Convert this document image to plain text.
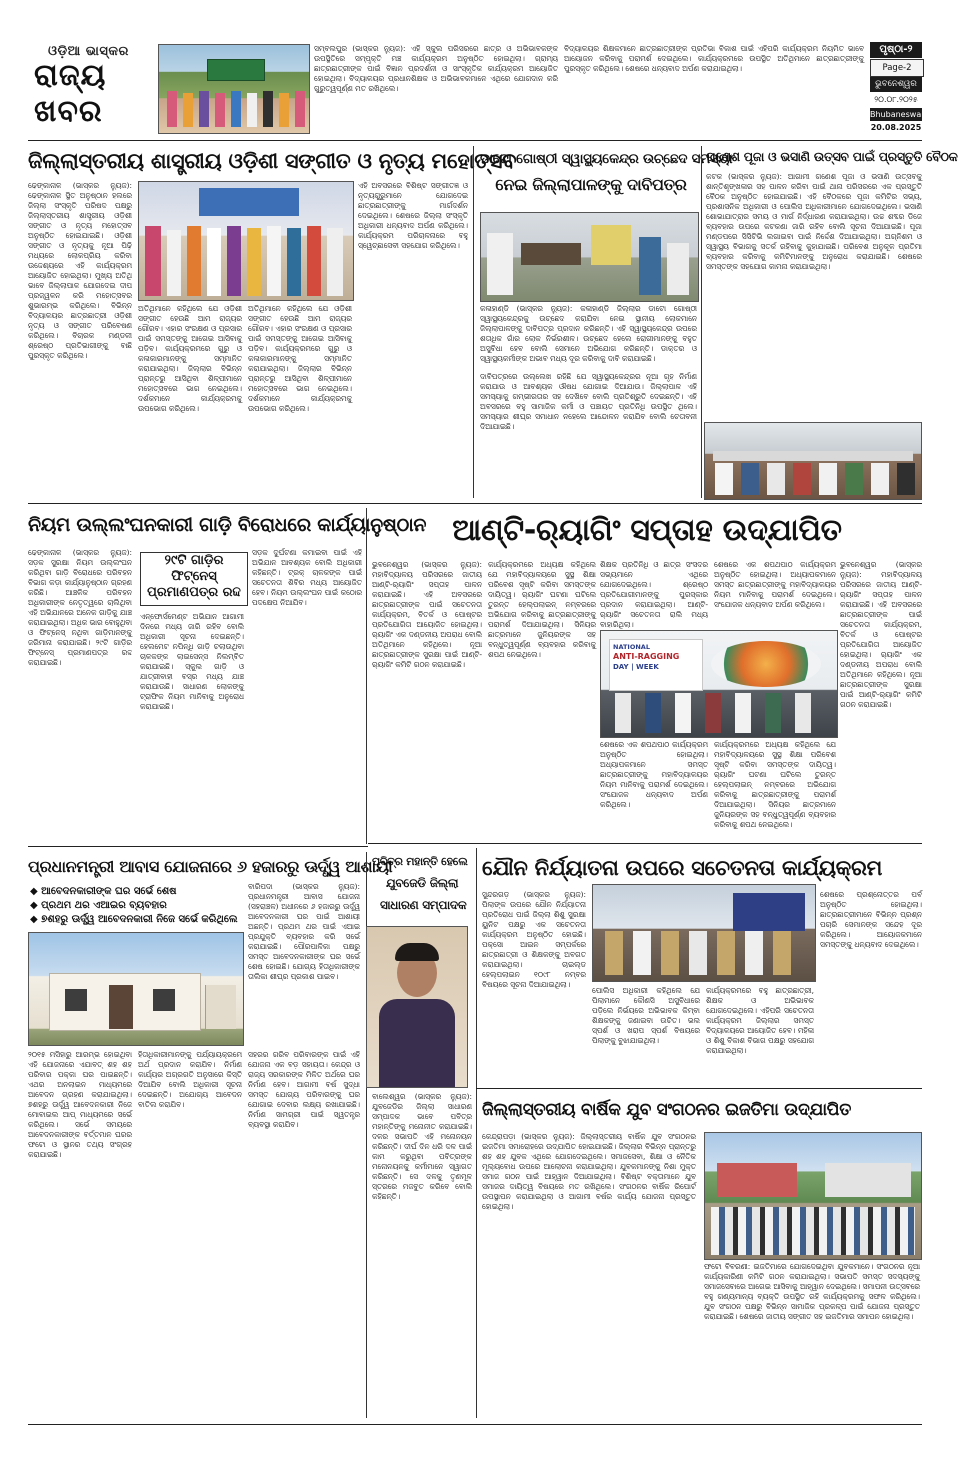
ଓଡ଼ିଆ ଭାସ୍କର
ରାଜ୍ୟ
ଖବର
ସମ୍ବଲପୁର (ଭାସ୍କର ନ୍ୟୁଜ): ଏହି ସ୍କୁଲ ପରିସରରେ ଛାତ୍ର ଓ ଅଭିଭାବକଙ୍କ ଉପସ୍ଥିତିରେ ସମ୍ପୃକ୍ତି ମଞ୍ଚ କାର୍ଯ୍ୟକ୍ରମ ଅନୁଷ୍ଠିତ ହୋଇଥିଲା। ଗ୍ରାମ୍ୟ ଛାତ୍ରଛାତ୍ରୀଙ୍କ ପାଇଁ ବିଜ୍ଞାନ ପ୍ରଦର୍ଶନୀ ଓ ସାଂସ୍କୃତିକ କାର୍ଯ୍ୟକ୍ରମ ଆୟୋଜିତ ହୋଇଥିଲା। ବିଦ୍ୟାଳୟର ପ୍ରଧାନଶିକ୍ଷକ ଓ ଅଭିଭାବକମାନେ ଏଥିରେ ଯୋଗଦାନ କରି ଗୁରୁତ୍ୱପୂର୍ଣ୍ଣ ମତ ରଖିଥିଲେ।
ବିଦ୍ୟାଳୟର ଶିକ୍ଷକମାନେ ଛାତ୍ରଛାତ୍ରୀଙ୍କ ପ୍ରତିଭା ବିକାଶ ପାଇଁ ଏହିପରି କାର୍ଯ୍ୟକ୍ରମ ନିୟମିତ ଭାବେ ଆୟୋଜନ କରିବାକୁ ପରାମର୍ଶ ଦେଇଥିଲେ। କାର୍ଯ୍ୟକ୍ରମରେ ଉପସ୍ଥିତ ଅତିଥିମାନେ ଛାତ୍ରଛାତ୍ରୀଙ୍କୁ ପୁରସ୍କୃତ କରିଥିଲେ। ଶେଷରେ ଧନ୍ୟବାଦ ଅର୍ପଣ କରାଯାଇଥିଲା।
ପୃଷ୍ଠା-୨
Page-2
ଭୁବନେଶ୍ୱର
୨୦.୦୮.୨୦୨୫
Bhubaneswar
20.08.2025
ଜିଲ୍ଲାସ୍ତରୀୟ ଶାସ୍ତ୍ରୀୟ ଓଡ଼ିଶୀ ସଙ୍ଗୀତ ଓ ନୃତ୍ୟ ମହୋତ୍ସବ
ଢେଙ୍କାନାଳ (ଭାସ୍କର ନ୍ୟୁଜ): ଢେଙ୍କାନାଳ ସ୍ଥିତ ଅନୁଷ୍ଠାନ ହଲରେ ଜିଲ୍ଲା ସଂସ୍କୃତି ପରିଷଦ ପକ୍ଷରୁ ଜିଲ୍ଲାସ୍ତରୀୟ ଶାସ୍ତ୍ରୀୟ ଓଡ଼ିଶୀ ସଙ୍ଗୀତ ଓ ନୃତ୍ୟ ମହୋତ୍ସବ ଅନୁଷ୍ଠିତ ହୋଇଯାଇଛି। ଓଡ଼ିଶୀ ସଙ୍ଗୀତ ଓ ନୃତ୍ୟକୁ ନୂଆ ପିଢ଼ି ମଧ୍ୟରେ ଲୋକପ୍ରିୟ କରିବା ଉଦ୍ଦେଶ୍ୟରେ ଏହି କାର୍ଯ୍ୟକ୍ରମ ଆୟୋଜିତ ହୋଇଥିଲା। ମୁଖ୍ୟ ଅତିଥି ଭାବେ ଜିଲ୍ଲାପାଳ ଯୋଗଦେଇ ଦୀପ ପ୍ରଜ୍ୱଳନ କରି ମହୋତ୍ସବର ଶୁଭାରମ୍ଭ କରିଥିଲେ। ବିଭିନ୍ନ ବିଦ୍ୟାଳୟର ଛାତ୍ରଛାତ୍ରୀ ଓଡ଼ିଶୀ ନୃତ୍ୟ ଓ ସଙ୍ଗୀତ ପରିବେଷଣ କରିଥିଲେ। ବିଚାରକ ମଣ୍ଡଳୀ ଶ୍ରେଷ୍ଠ ପ୍ରତିଭାଗୀଙ୍କୁ ବାଛି ପୁରସ୍କୃତ କରିଥିଲେ।
ଅତିଥିମାନେ କହିଥିଲେ ଯେ ଓଡ଼ିଶୀ ସଙ୍ଗୀତ ହେଉଛି ଆମ ରାଜ୍ୟର ଗୌରବ। ଏହାର ସଂରକ୍ଷଣ ଓ ପ୍ରସାର ପାଇଁ ସମସ୍ତଙ୍କୁ ଆଗେଇ ଆସିବାକୁ ପଡ଼ିବ। କାର୍ଯ୍ୟକ୍ରମରେ ଗୁରୁ ଓ କଳାକାରମାନଙ୍କୁ ସମ୍ମାନିତ କରାଯାଇଥିଲା। ଜିଲ୍ଲାର ବିଭିନ୍ନ ପ୍ରାନ୍ତରୁ ଆସିଥିବା ଶିଳ୍ପୀମାନେ ମହୋତ୍ସବରେ ଭାଗ ନେଇଥିଲେ। ଦର୍ଶକମାନେ କାର୍ଯ୍ୟକ୍ରମକୁ ଉପଭୋଗ କରିଥିଲେ।
ଅତିଥିମାନେ କହିଥିଲେ ଯେ ଓଡ଼ିଶୀ ସଙ୍ଗୀତ ହେଉଛି ଆମ ରାଜ୍ୟର ଗୌରବ। ଏହାର ସଂରକ୍ଷଣ ଓ ପ୍ରସାର ପାଇଁ ସମସ୍ତଙ୍କୁ ଆଗେଇ ଆସିବାକୁ ପଡ଼ିବ। କାର୍ଯ୍ୟକ୍ରମରେ ଗୁରୁ ଓ କଳାକାରମାନଙ୍କୁ ସମ୍ମାନିତ କରାଯାଇଥିଲା। ଜିଲ୍ଲାର ବିଭିନ୍ନ ପ୍ରାନ୍ତରୁ ଆସିଥିବା ଶିଳ୍ପୀମାନେ ମହୋତ୍ସବରେ ଭାଗ ନେଇଥିଲେ। ଦର୍ଶକମାନେ କାର୍ଯ୍ୟକ୍ରମକୁ ଉପଭୋଗ କରିଥିଲେ।
ଏହି ଅବସରରେ ବିଶିଷ୍ଟ ସଙ୍ଗୀତଜ୍ଞ ଓ ନୃତ୍ୟଗୁରୁମାନେ ଯୋଗଦେଇ ଛାତ୍ରଛାତ୍ରୀଙ୍କୁ ମାର୍ଗଦର୍ଶନ ଦେଇଥିଲେ। ଶେଷରେ ଜିଲ୍ଲା ସଂସ୍କୃତି ଅଧିକାରୀ ଧନ୍ୟବାଦ ଅର୍ପଣ କରିଥିଲେ। କାର୍ଯ୍ୟକ୍ରମ ପରିଚାଳନାରେ ବହୁ ସ୍ୱେଚ୍ଛାସେବୀ ସହଯୋଗ କରିଥିଲେ।
ଡାଟୋ ଗୋଷ୍ଠୀ ସ୍ୱାସ୍ଥ୍ୟକେନ୍ଦ୍ର ଉଚ୍ଛେଦ ସମସ୍ୟା
ନେଇ ଜିଲ୍ଲାପାଳଙ୍କୁ ଦାବିପତ୍ର
କଳାହାଣ୍ଡି (ଭାସ୍କର ନ୍ୟୁଜ): କଳାହାଣ୍ଡି ଜିଲ୍ଲାର ଡାଟୋ ଗୋଷ୍ଠୀ ସ୍ୱାସ୍ଥ୍ୟକେନ୍ଦ୍ରକୁ ଉଚ୍ଛେଦ କରାଯିବା ନେଇ ସ୍ଥାନୀୟ ଲୋକମାନେ ଜିଲ୍ଲାପାଳଙ୍କୁ ଦାବିପତ୍ର ପ୍ରଦାନ କରିଛନ୍ତି। ଏହି ସ୍ୱାସ୍ଥ୍ୟକେନ୍ଦ୍ର ଉପରେ ଶତାଧିକ ଗାଁର ଲୋକ ନିର୍ଭରଶୀଳ। ଉଚ୍ଛେଦ ହେଲେ ରୋଗୀମାନଙ୍କୁ ବହୁତ ଅସୁବିଧା ହେବ ବୋଲି ସେମାନେ ଅଭିଯୋଗ କରିଛନ୍ତି। ଡାକ୍ତର ଓ ସ୍ୱାସ୍ଥ୍ୟକର୍ମୀଙ୍କ ଅଭାବ ମଧ୍ୟ ଦୂର କରିବାକୁ ଦାବି କରାଯାଇଛି।
ଦାବିପତ୍ରରେ ଉଲ୍ଲେଖ ରହିଛି ଯେ ସ୍ୱାସ୍ଥ୍ୟକେନ୍ଦ୍ରର ନୂଆ ଗୃହ ନିର୍ମାଣ କରାଯାଉ ଓ ଆବଶ୍ୟକ ଔଷଧ ଯୋଗାଇ ଦିଆଯାଉ। ଜିଲ୍ଲାପାଳ ଏହି ସମସ୍ୟାକୁ ଗମ୍ଭୀରତାର ସହ ଦେଖିବେ ବୋଲି ପ୍ରତିଶ୍ରୁତି ଦେଇଛନ୍ତି। ଏହି ଅବସରରେ ବହୁ ସାମାଜିକ କର୍ମୀ ଓ ପଞ୍ଚାୟତ ପ୍ରତିନିଧି ଉପସ୍ଥିତ ଥିଲେ। ସମସ୍ୟାର ଶୀଘ୍ର ସମାଧାନ ନହେଲେ ଆନ୍ଦୋଳନ କରାଯିବ ବୋଲି ଚେତାବନୀ ଦିଆଯାଇଛି।
ଗଣେଶ ପୂଜା ଓ ଭସାଣି ଉତ୍ସବ ପାଇଁ ପ୍ରସ୍ତୁତି ବୈଠକ
କଟକ (ଭାସ୍କର ନ୍ୟୁଜ): ଆଗାମୀ ଗଣେଶ ପୂଜା ଓ ଭସାଣି ଉତ୍ସବକୁ ଶାନ୍ତିଶୃଙ୍ଖଳାର ସହ ପାଳନ କରିବା ପାଇଁ ଥାନା ପରିସରରେ ଏକ ପ୍ରସ୍ତୁତି ବୈଠକ ଅନୁଷ୍ଠିତ ହୋଇଯାଇଛି। ଏହି ବୈଠକରେ ପୂଜା କମିଟିର ସଭ୍ୟ, ପ୍ରଶାସନିକ ଅଧିକାରୀ ଓ ପୋଲିସ ଅଧିକାରୀମାନେ ଯୋଗଦେଇଥିଲେ। ଭସାଣି ଶୋଭାଯାତ୍ରାର ସମୟ ଓ ମାର୍ଗ ନିର୍ଦ୍ଧାରଣ କରାଯାଇଥିଲା। ଉଚ୍ଚ ଶବ୍ଦର ଡିଜେ ବ୍ୟବହାର ଉପରେ କଟକଣା ଜାରି ରହିବ ବୋଲି ସୂଚନା ଦିଆଯାଇଛି। ପୂଜା ମଣ୍ଡପରେ ସିସିଟିଭି ଲଗାଇବା ପାଇଁ ନିର୍ଦ୍ଦେଶ ଦିଆଯାଇଥିଲା। ଅଗ୍ନିଶମ ଓ ସ୍ୱାସ୍ଥ୍ୟ ବିଭାଗକୁ ସତର୍କ ରହିବାକୁ କୁହାଯାଇଛି। ପରିବେଶ ଅନୁକୂଳ ପ୍ରତିମା ବ୍ୟବହାର କରିବାକୁ କମିଟିମାନଙ୍କୁ ଅନୁରୋଧ କରାଯାଇଛି। ଶେଷରେ ସମସ୍ତଙ୍କ ସହଯୋଗ କାମନା କରାଯାଇଥିଲା।
ନିୟମ ଉଲ୍ଲଂଘନକାରୀ ଗାଡ଼ି ବିରୋଧରେ କାର୍ଯ୍ୟାନୁଷ୍ଠାନ
ଢେଙ୍କାନାଳ (ଭାସ୍କର ନ୍ୟୁଜ): ସଡ଼କ ସୁରକ୍ଷା ନିୟମ ଉଲ୍ଲଂଘନ କରିଥିବା ଗାଡ଼ି ବିରୋଧରେ ପରିବହନ ବିଭାଗ କଡ଼ା କାର୍ଯ୍ୟାନୁଷ୍ଠାନ ଗ୍ରହଣ କରିଛି। ଆଞ୍ଚଳିକ ପରିବହନ ଅଧିକାରୀଙ୍କ ନେତୃତ୍ୱରେ ଚାଲିଥିବା ଏହି ଅଭିଯାନରେ ଅନେକ ଗାଡ଼ିକୁ ଯାଞ୍ଚ କରାଯାଇଥିଲା। ଅଧିକ ଭାର ବୋହୁଥିବା ଓ ଫିଟ୍‌ନେସ୍ ନଥିବା ଗାଡ଼ିମାନଙ୍କୁ ଜରିମାନା କରାଯାଇଛି। ୨୯ଟି ଗାଡ଼ିର ଫିଟ୍‌ନେସ୍ ପ୍ରମାଣପତ୍ର ରଦ୍ଦ କରାଯାଇଛି।
୨୯ଟି ଗାଡ଼ିର
ଫିଟ୍‌ନେସ୍
ପ୍ରମାଣପତ୍ର ରଦ୍ଦ
ଏନ୍‌ଫୋର୍ସମେଣ୍ଟ ଅଭିଯାନ ଆଗାମୀ ଦିନରେ ମଧ୍ୟ ଜାରି ରହିବ ବୋଲି ଅଧିକାରୀ ସୂଚନା ଦେଇଛନ୍ତି। ହେଲମେଟ ନପିନ୍ଧି ଗାଡ଼ି ଚଲାଉଥିବା ଚାଳକଙ୍କ ଲାଇସେନ୍ସ ନିଲମ୍ବିତ କରାଯାଇଛି। ସ୍କୁଲ ଗାଡ଼ି ଓ ଯାତ୍ରୀବାହୀ ବସ୍‌ର ମଧ୍ୟ ଯାଞ୍ଚ କରାଯାଉଛି। ସାଧାରଣ ଲୋକଙ୍କୁ ଟ୍ରାଫିକ ନିୟମ ମାନିବାକୁ ଅନୁରୋଧ କରାଯାଇଛି।
ସଡ଼କ ଦୁର୍ଘଟଣା କମାଇବା ପାଇଁ ଏହି ଅଭିଯାନ ଆବଶ୍ୟକ ବୋଲି ଅଧିକାରୀ କହିଛନ୍ତି। ଟ୍ରକ୍ ଚାଳକଙ୍କ ପାଇଁ ସଚେତନତା ଶିବିର ମଧ୍ୟ ଆୟୋଜିତ ହେବ। ନିୟମ ଉଲ୍ଲଂଘନ ପାଇଁ କଠୋର ପଦକ୍ଷେପ ନିଆଯିବ।
ଆଣ୍ଟି-ର‍୍ୟାଗିଂ ସପ୍ତାହ ଉଦ୍‌ଯାପିତ
ଭୁବନେଶ୍ୱର (ଭାସ୍କର ନ୍ୟୁଜ): ମହାବିଦ୍ୟାଳୟ ପରିସରରେ ଜାତୀୟ ଆଣ୍ଟି-ର‍୍ୟାଗିଂ ସପ୍ତାହ ପାଳନ କରାଯାଇଛି। ଏହି ଅବସରରେ ଛାତ୍ରଛାତ୍ରୀଙ୍କ ପାଇଁ ସଚେତନତା କାର୍ଯ୍ୟକ୍ରମ, ବିତର୍କ ଓ ପୋଷ୍ଟର ପ୍ରତିଯୋଗିତା ଆୟୋଜିତ ହୋଇଥିଲା। ର‍୍ୟାଗିଂ ଏକ ଦଣ୍ଡନୀୟ ଅପରାଧ ବୋଲି ଅତିଥିମାନେ କହିଥିଲେ। ନୂଆ ଛାତ୍ରଛାତ୍ରୀଙ୍କ ସୁରକ୍ଷା ପାଇଁ ଆଣ୍ଟି-ର‍୍ୟାଗିଂ କମିଟି ଗଠନ କରାଯାଇଛି।
କାର୍ଯ୍ୟକ୍ରମରେ ଅଧ୍ୟକ୍ଷ କହିଥିଲେ ଯେ ମହାବିଦ୍ୟାଳୟରେ ସୁସ୍ଥ ଶିକ୍ଷା ପରିବେଶ ସୃଷ୍ଟି କରିବା ସମସ୍ତଙ୍କ ଦାୟିତ୍ୱ। ର‍୍ୟାଗିଂ ଘଟଣା ଘଟିଲେ ତୁରନ୍ତ ହେଲ୍ପଲାଇନ୍ ନମ୍ବରରେ ଅଭିଯୋଗ କରିବାକୁ ଛାତ୍ରଛାତ୍ରୀଙ୍କୁ ପରାମର୍ଶ ଦିଆଯାଇଥିଲା। ସିନିୟର ଛାତ୍ରମାନେ ଜୁନିୟରଙ୍କ ସହ ବନ୍ଧୁତ୍ୱପୂର୍ଣ୍ଣ ବ୍ୟବହାର କରିବାକୁ ଶପଥ ନେଇଥିଲେ।
NATIONAL
ANTI-RAGGING
DAY | WEEK
ଶିକ୍ଷକ ପ୍ରତିନିଧି ଓ ଛାତ୍ର ସଂସଦର ସଭ୍ୟମାନେ ଏଥିରେ ଯୋଗଦେଇଥିଲେ। ଶ୍ରେଷ୍ଠ ପ୍ରତିଯୋଗୀମାନଙ୍କୁ ପୁରସ୍କାର ପ୍ରଦାନ କରାଯାଇଥିଲା। ଆଣ୍ଟି-ର‍୍ୟାଗିଂ ସଚେତନତା ରାଲି ମଧ୍ୟ ବାହାରିଥିଲା।
ଶେଷରେ ଏକ ଶପଥପାଠ କାର୍ଯ୍ୟକ୍ରମ ଅନୁଷ୍ଠିତ ହୋଇଥିଲା। ଅଧ୍ୟାପକମାନେ ସମସ୍ତ ଛାତ୍ରଛାତ୍ରୀଙ୍କୁ ମହାବିଦ୍ୟାଳୟର ନିୟମ ମାନିବାକୁ ପରାମର୍ଶ ଦେଇଥିଲେ। ସଂଯୋଜକ ଧନ୍ୟବାଦ ଅର୍ପଣ କରିଥିଲେ।
କାର୍ଯ୍ୟକ୍ରମରେ ଅଧ୍ୟକ୍ଷ କହିଥିଲେ ଯେ ମହାବିଦ୍ୟାଳୟରେ ସୁସ୍ଥ ଶିକ୍ଷା ପରିବେଶ ସୃଷ୍ଟି କରିବା ସମସ୍ତଙ୍କ ଦାୟିତ୍ୱ। ର‍୍ୟାଗିଂ ଘଟଣା ଘଟିଲେ ତୁରନ୍ତ ହେଲ୍ପଲାଇନ୍ ନମ୍ବରରେ ଅଭିଯୋଗ କରିବାକୁ ଛାତ୍ରଛାତ୍ରୀଙ୍କୁ ପରାମର୍ଶ ଦିଆଯାଇଥିଲା। ସିନିୟର ଛାତ୍ରମାନେ ଜୁନିୟରଙ୍କ ସହ ବନ୍ଧୁତ୍ୱପୂର୍ଣ୍ଣ ବ୍ୟବହାର କରିବାକୁ ଶପଥ ନେଇଥିଲେ।
ଭୁବନେଶ୍ୱର (ଭାସ୍କର ନ୍ୟୁଜ): ମହାବିଦ୍ୟାଳୟ ପରିସରରେ ଜାତୀୟ ଆଣ୍ଟି-ର‍୍ୟାଗିଂ ସପ୍ତାହ ପାଳନ କରାଯାଇଛି। ଏହି ଅବସରରେ ଛାତ୍ରଛାତ୍ରୀଙ୍କ ପାଇଁ ସଚେତନତା କାର୍ଯ୍ୟକ୍ରମ, ବିତର୍କ ଓ ପୋଷ୍ଟର ପ୍ରତିଯୋଗିତା ଆୟୋଜିତ ହୋଇଥିଲା। ର‍୍ୟାଗିଂ ଏକ ଦଣ୍ଡନୀୟ ଅପରାଧ ବୋଲି ଅତିଥିମାନେ କହିଥିଲେ। ନୂଆ ଛାତ୍ରଛାତ୍ରୀଙ୍କ ସୁରକ୍ଷା ପାଇଁ ଆଣ୍ଟି-ର‍୍ୟାଗିଂ କମିଟି ଗଠନ କରାଯାଇଛି।
ଶେଷରେ ଏକ ଶପଥପାଠ କାର୍ଯ୍ୟକ୍ରମ ଅନୁଷ୍ଠିତ ହୋଇଥିଲା। ଅଧ୍ୟାପକମାନେ ସମସ୍ତ ଛାତ୍ରଛାତ୍ରୀଙ୍କୁ ମହାବିଦ୍ୟାଳୟର ନିୟମ ମାନିବାକୁ ପରାମର୍ଶ ଦେଇଥିଲେ। ସଂଯୋଜକ ଧନ୍ୟବାଦ ଅର୍ପଣ କରିଥିଲେ।
ପ୍ରଧାନମନ୍ତ୍ରୀ ଆବାସ ଯୋଜନାରେ ୬ ହଜାରରୁ ଊର୍ଦ୍ଧ୍ୱ ଆଶାୟୀ
◆ ଆବେଦନକାରୀଙ୍କ ଘର ସର୍ଭେ ଶେଷ
◆ ପ୍ରଥମ ଥର ଏଆଇର ବ୍ୟବହାର
◆ ୭ଶହରୁ ଊର୍ଦ୍ଧ୍ୱ ଆବେଦନକାରୀ ନିଜେ ସର୍ଭେ କରିଥିଲେ
ବାରିପଦା (ଭାସ୍କର ନ୍ୟୁଜ): ପ୍ରଧାନମନ୍ତ୍ରୀ ଆବାସ ଯୋଜନା (ସହରାଞ୍ଚଳ) ଅଧୀନରେ ୬ ହଜାରରୁ ଊର୍ଦ୍ଧ୍ୱ ଆବେଦନକାରୀ ଘର ପାଇଁ ଆଶାୟୀ ଅଛନ୍ତି। ପ୍ରଥମ ଥର ପାଇଁ ଏଆଇ ପ୍ରଯୁକ୍ତି ବ୍ୟବହାର କରି ସର୍ଭେ କରାଯାଇଛି। ପୌରପାଳିକା ପକ୍ଷରୁ ସମସ୍ତ ଆବେଦନକାରୀଙ୍କ ଘର ସର୍ଭେ ଶେଷ ହୋଇଛି। ଯୋଗ୍ୟ ହିତାଧିକାରୀଙ୍କ ତାଲିକା ଶୀଘ୍ର ପ୍ରକାଶ ପାଇବ।
୨୦୧୫ ମସିହାରୁ ଆରମ୍ଭ ହୋଇଥିବା ଏହି ଯୋଜନାରେ ଏଯାବତ୍ ଶହ ଶହ ପରିବାର ପକ୍କା ଘର ପାଇଛନ୍ତି। ଏଥର ଅନଲାଇନ ମାଧ୍ୟମରେ ଆବେଦନ ଗ୍ରହଣ କରାଯାଇଥିଲା। ୭ଶହରୁ ଊର୍ଦ୍ଧ୍ୱ ଆବେଦନକାରୀ ନିଜେ ମୋବାଇଲ ଆପ୍ ମାଧ୍ୟମରେ ସର୍ଭେ କରିଥିଲେ। ସର୍ଭେ ସମୟରେ ଆବେଦନକାରୀଙ୍କ ବର୍ତ୍ତମାନ ଘରର ଫଟୋ ଓ ସ୍ଥାନର ତଥ୍ୟ ସଂଗ୍ରହ କରାଯାଇଛି।
ହିତାଧିକାରୀମାନଙ୍କୁ ପର୍ଯ୍ୟାୟକ୍ରମେ ଅର୍ଥ ପ୍ରଦାନ କରାଯିବ। ନିର୍ମାଣ କାର୍ଯ୍ୟର ଅଗ୍ରଗତି ଅନୁସାରେ କିସ୍ତି ଦିଆଯିବ ବୋଲି ଅଧିକାରୀ ସୂଚନା ଦେଇଛନ୍ତି। ଅଯୋଗ୍ୟ ଆବେଦନ ବାତିଲ କରାଯିବ।
ସହରର ଗରିବ ପରିବାରଙ୍କ ପାଇଁ ଏହି ଯୋଜନା ଏକ ବଡ଼ ସହାୟତା। କେନ୍ଦ୍ର ଓ ରାଜ୍ୟ ସରକାରଙ୍କ ମିଳିତ ଅର୍ଥରେ ଘର ନିର୍ମାଣ ହେବ। ଆଗାମୀ ବର୍ଷ ସୁଦ୍ଧା ସମସ୍ତ ଯୋଗ୍ୟ ପରିବାରଙ୍କୁ ଘର ଯୋଗାଇ ଦେବାର ଲକ୍ଷ୍ୟ ରଖାଯାଇଛି। ନିର୍ମାଣ ସାମଗ୍ରୀ ପାଇଁ ସ୍ୱତନ୍ତ୍ର ବ୍ୟବସ୍ଥା କରାଯିବ।
ପବିତ୍ର ମହାନ୍ତି ହେଲେ
ଯୁବଜେଡି ଜିଲ୍ଲା
ସାଧାରଣ ସମ୍ପାଦକ
ବାଲେଶ୍ୱର (ଭାସ୍କର ନ୍ୟୁଜ): ଯୁବଜେଡିର ଜିଲ୍ଲା ସାଧାରଣ ସମ୍ପାଦକ ଭାବେ ପବିତ୍ର ମହାନ୍ତିଙ୍କୁ ମନୋନୀତ କରାଯାଇଛି। ଦଳର ସଭାପତି ଏହି ମନୋନୟନ କରିଛନ୍ତି। ଦୀର୍ଘ ଦିନ ଧରି ଦଳ ପାଇଁ କାମ କରୁଥିବା ପବିତ୍ରଙ୍କ ମନୋନୟନକୁ କର୍ମୀମାନେ ସ୍ୱାଗତ କରିଛନ୍ତି। ସେ ଦଳକୁ ତୃଣମୂଳ ସ୍ତରରେ ମଜବୁତ କରିବେ ବୋଲି କହିଛନ୍ତି।
ଯୌନ ନିର୍ଯ୍ୟାତନା ଉପରେ ସଚେତନତା କାର୍ଯ୍ୟକ୍ରମ
ସୁନ୍ଦରଗଡ଼ (ଭାସ୍କର ନ୍ୟୁଜ): ପିଲାଙ୍କ ଉପରେ ଯୌନ ନିର୍ଯ୍ୟାତନା ପ୍ରତିରୋଧ ପାଇଁ ଜିଲ୍ଲା ଶିଶୁ ସୁରକ୍ଷା ୟୁନିଟ ପକ୍ଷରୁ ଏକ ସଚେତନତା କାର୍ଯ୍ୟକ୍ରମ ଅନୁଷ୍ଠିତ ହୋଇଛି। ପକ୍ସୋ ଆଇନ ସମ୍ପର୍କରେ ଛାତ୍ରଛାତ୍ରୀ ଓ ଶିକ୍ଷକଙ୍କୁ ଅବଗତ କରାଯାଇଥିଲା। ଚାଇଲ୍ଡ ହେଲ୍ପଲାଇନ ୧୦୯୮ ନମ୍ବର ବିଷୟରେ ସୂଚନା ଦିଆଯାଇଥିଲା।
ପୋଲିସ ଅଧିକାରୀ କହିଥିଲେ ଯେ ପିଲାମାନେ କୌଣସି ଅସୁବିଧାରେ ପଡ଼ିଲେ ନିର୍ଭୟରେ ଅଭିଭାବକ କିମ୍ବା ଶିକ୍ଷକଙ୍କୁ ଜଣାଇବା ଉଚିତ। ଭଲ ସ୍ପର୍ଶ ଓ ଖରାପ ସ୍ପର୍ଶ ବିଷୟରେ ପିଲାଙ୍କୁ ବୁଝାଯାଇଥିଲା।
କାର୍ଯ୍ୟକ୍ରମରେ ବହୁ ଛାତ୍ରଛାତ୍ରୀ, ଶିକ୍ଷକ ଓ ଅଭିଭାବକ ଯୋଗଦେଇଥିଲେ। ଏହିପରି ସଚେତନତା କାର୍ଯ୍ୟକ୍ରମ ଜିଲ୍ଲାର ସମସ୍ତ ବିଦ୍ୟାଳୟରେ ଆୟୋଜିତ ହେବ। ମହିଳା ଓ ଶିଶୁ ବିକାଶ ବିଭାଗ ପକ୍ଷରୁ ସହଯୋଗ କରାଯାଇଥିଲା।
ଶେଷରେ ପ୍ରଶ୍ନୋତ୍ତର ପର୍ବ ଅନୁଷ୍ଠିତ ହୋଇଥିଲା। ଛାତ୍ରଛାତ୍ରୀମାନେ ବିଭିନ୍ନ ପ୍ରଶ୍ନ ପଚାରି ସେମାନଙ୍କ ସନ୍ଦେହ ଦୂର କରିଥିଲେ। ଆୟୋଜକମାନେ ସମସ୍ତଙ୍କୁ ଧନ୍ୟବାଦ ଦେଇଥିଲେ।
ଜିଲ୍ଲାସ୍ତରୀୟ ବାର୍ଷିକ ଯୁବ ସଂଗଠନର ଇଜତିମା ଉଦ୍‌ଯାପିତ
କେନ୍ଦ୍ରାପଡ଼ା (ଭାସ୍କର ନ୍ୟୁଜ): ଜିଲ୍ଲାସ୍ତରୀୟ ବାର୍ଷିକ ଯୁବ ସଂଗଠନର ଇଜତିମା ସମାରୋହରେ ଉଦ୍‌ଯାପିତ ହୋଇଯାଇଛି। ଜିଲ୍ଲାର ବିଭିନ୍ନ ପ୍ରାନ୍ତରୁ ଶହ ଶହ ଯୁବକ ଏଥିରେ ଯୋଗଦେଇଥିଲେ। ସମାଜସେବା, ଶିକ୍ଷା ଓ ନୈତିକ ମୂଲ୍ୟବୋଧ ଉପରେ ଆଲୋଚନା କରାଯାଇଥିଲା। ଯୁବକମାନଙ୍କୁ ନିଶା ମୁକ୍ତ ସମାଜ ଗଠନ ପାଇଁ ଆହ୍ୱାନ ଦିଆଯାଇଥିଲା। ବିଶିଷ୍ଟ ବକ୍ତାମାନେ ଯୁବ ସମାଜର ଦାୟିତ୍ୱ ବିଷୟରେ ମତ ରଖିଥିଲେ। ସଂଗଠନର ବାର୍ଷିକ ରିପୋର୍ଟ ଉପସ୍ଥାପନ କରାଯାଇଥିଲା ଓ ଆଗାମୀ ବର୍ଷର କାର୍ଯ୍ୟ ଯୋଜନା ପ୍ରସ୍ତୁତ ହୋଇଥିଲା।
ଫଟୋ ବିବରଣୀ: ଇଜତିମାରେ ଯୋଗଦେଇଥିବା ଯୁବକମାନେ। ସଂଗଠନର ନୂଆ କାର୍ଯ୍ୟକାରିଣୀ କମିଟି ଗଠନ କରାଯାଇଥିଲା। ସଭାପତି ସମସ୍ତ ସଦସ୍ୟଙ୍କୁ ସମାଜସେବାରେ ଆଗେଇ ଆସିବାକୁ ଆହ୍ୱାନ ଦେଇଥିଲେ। ସମାପନୀ ଉତ୍ସବରେ ବହୁ ଗଣ୍ୟମାନ୍ୟ ବ୍ୟକ୍ତି ଉପସ୍ଥିତ ରହି କାର୍ଯ୍ୟକ୍ରମକୁ ସଫଳ କରିଥିଲେ। ଯୁବ ସଂଗଠନ ପକ୍ଷରୁ ବିଭିନ୍ନ ସାମାଜିକ ପ୍ରକଳ୍ପ ପାଇଁ ଯୋଜନା ପ୍ରସ୍ତୁତ କରାଯାଇଛି। ଶେଷରେ ଜାତୀୟ ସଙ୍ଗୀତ ସହ ଇଜତିମାର ସମାପନ ହୋଇଥିଲା।
